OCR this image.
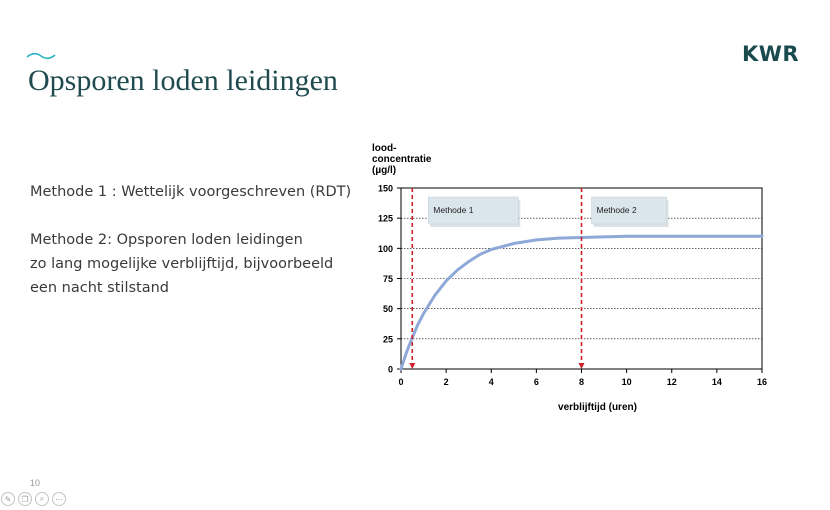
KWR
Opsporen loden leidingen
Methode 1 : Wettelijk voorgeschreven (RDT)
Methode 2: Opsporen loden leidingen
zo lang mogelijke verblijftijd, bijvoorbeeld
een nacht stilstand
lood-
concentratie
(µg/l)
0
25
50
75
100
125
150
0	2	4	6	8	10	12	14	16
verblijftijd (uren)
Methode 1	Methode 2
10
✎	❐	⌕	⋯
